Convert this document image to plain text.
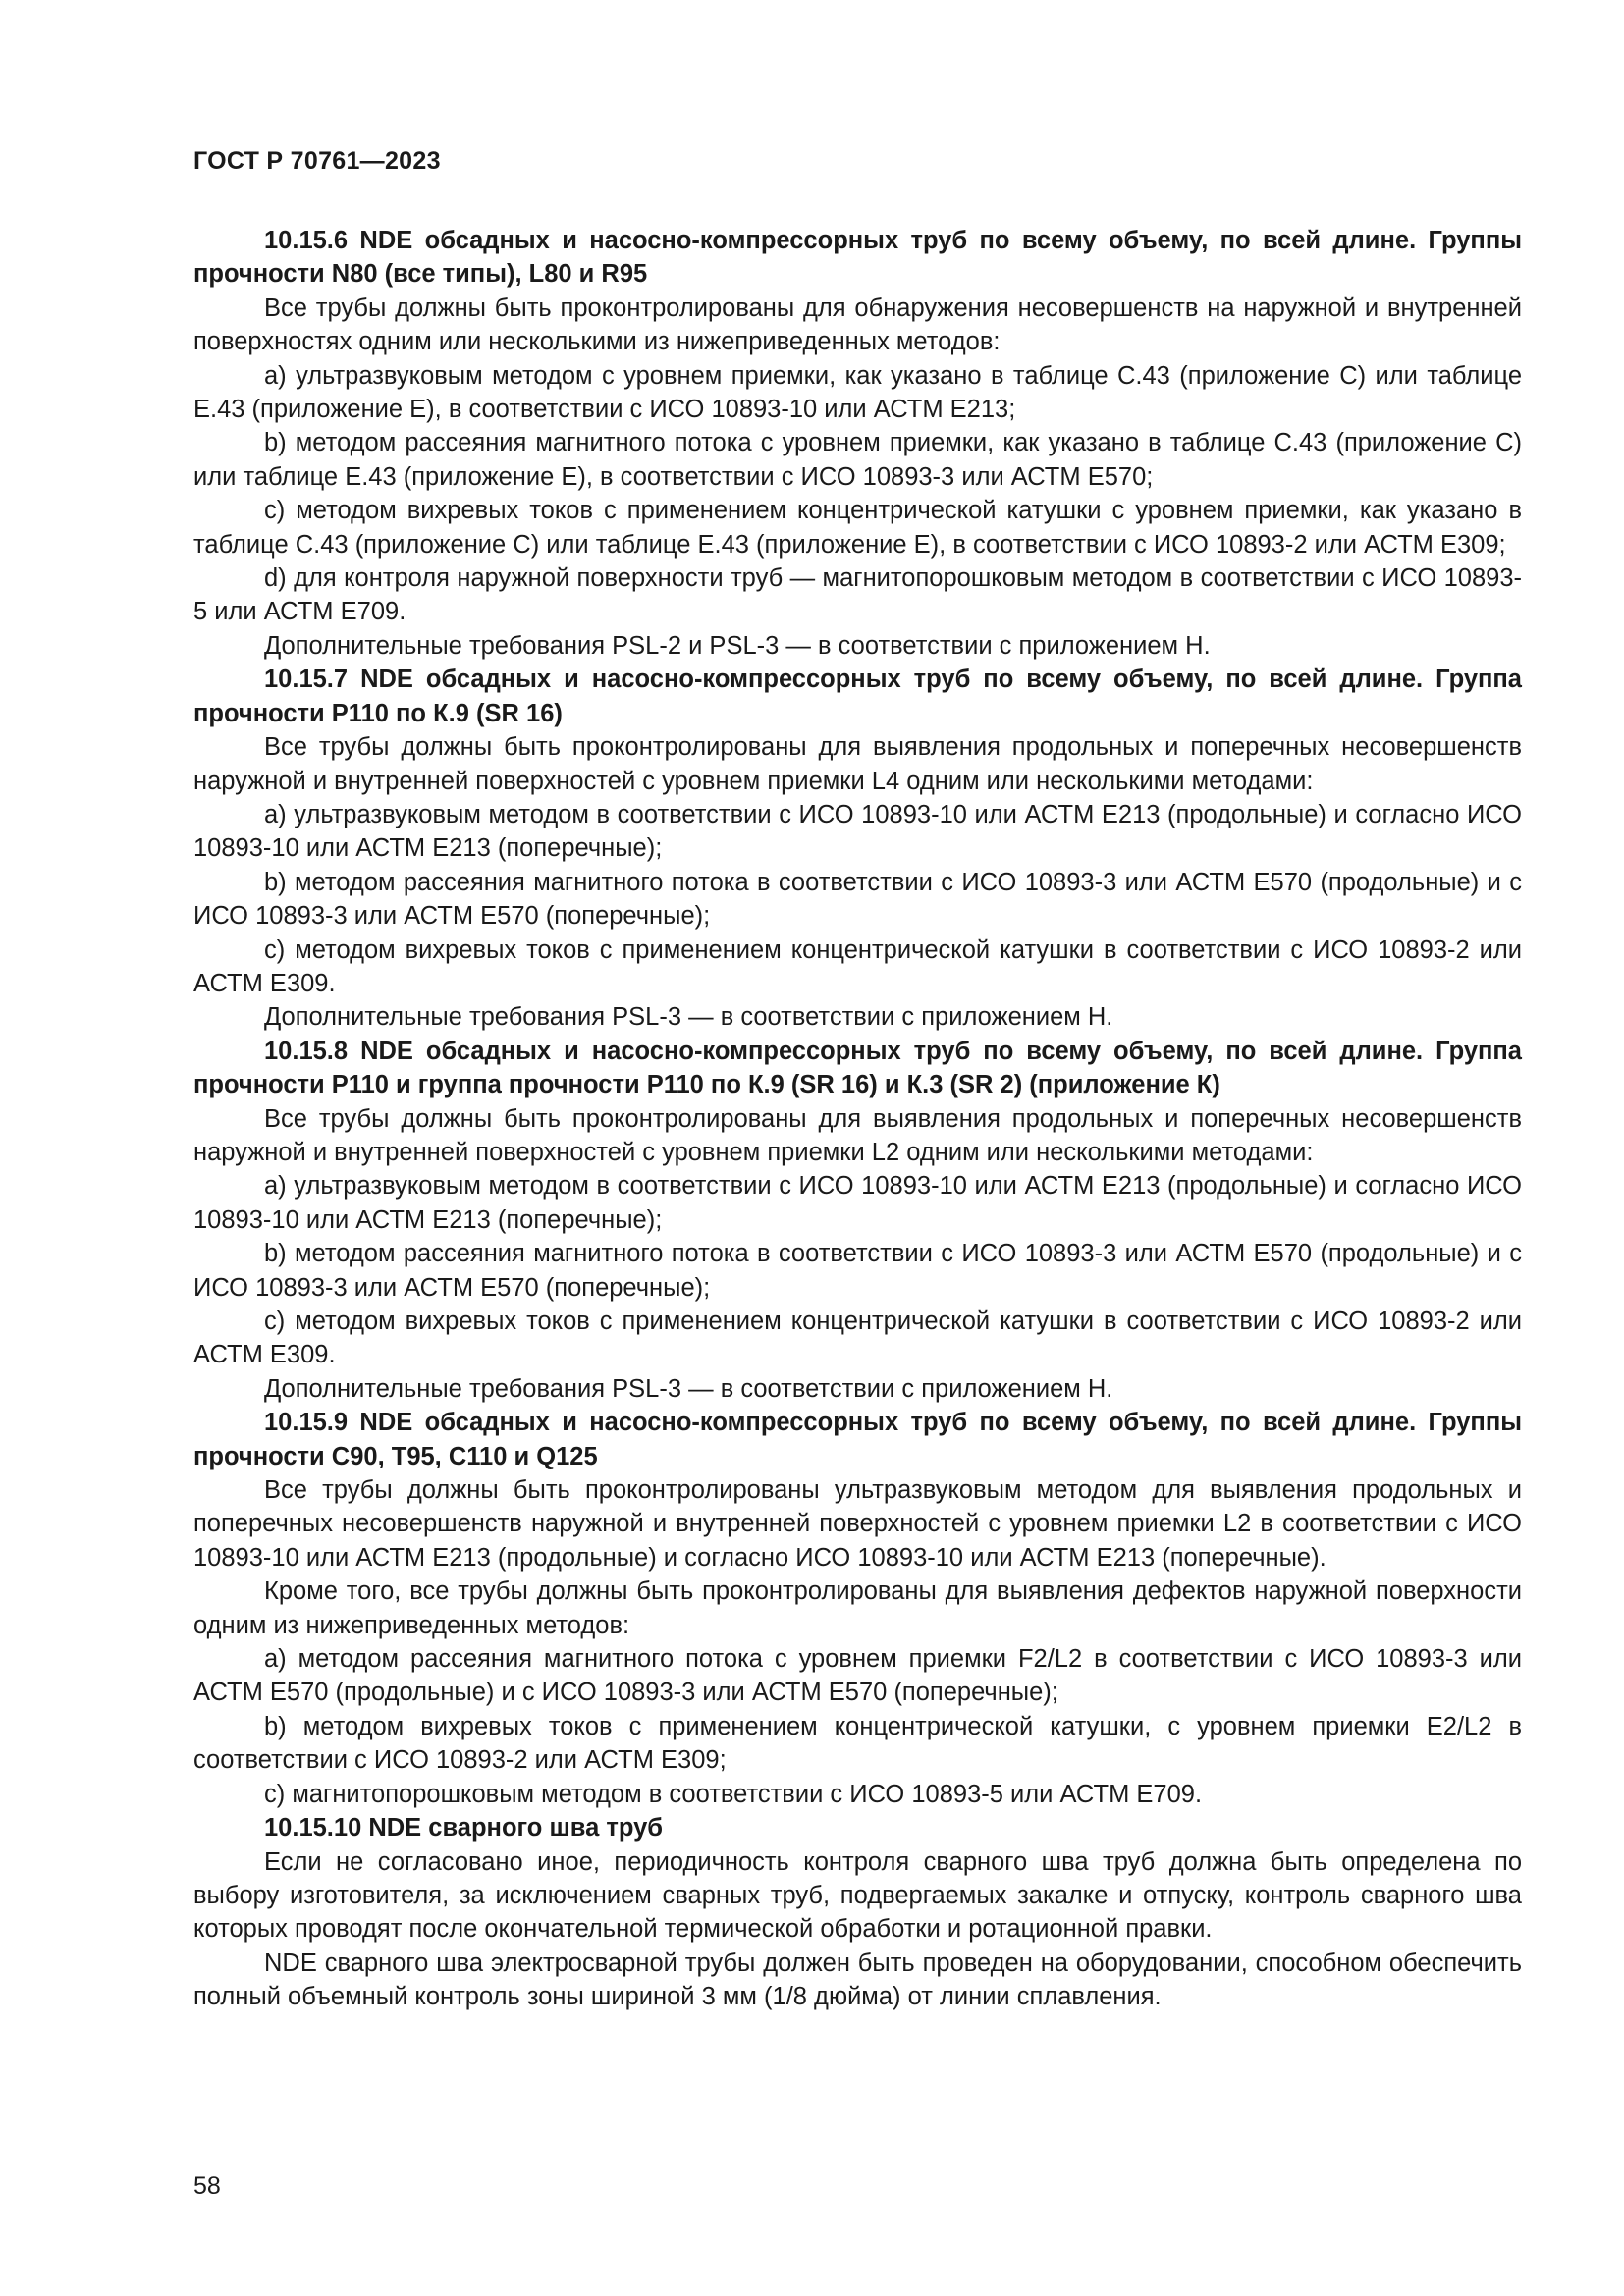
ГОСТ Р 70761—2023

10.15.6 NDE обсадных и насосно-компрессорных труб по всему объему, по всей длине. Группы прочности N80 (все типы), L80 и R95

Все трубы должны быть проконтролированы для обнаружения несовершенств на наружной и внутренней поверхностях одним или несколькими из нижеприведенных методов:

а) ультразвуковым методом с уровнем приемки, как указано в таблице С.43 (приложение С) или таблице Е.43 (приложение Е), в соответствии с ИСО 10893-10 или АСТМ Е213;

b) методом рассеяния магнитного потока с уровнем приемки, как указано в таблице С.43 (приложение С) или таблице Е.43 (приложение Е), в соответствии с ИСО 10893-3 или АСТМ Е570;

c) методом вихревых токов с применением концентрической катушки с уровнем приемки, как указано в таблице С.43 (приложение С) или таблице Е.43 (приложение Е), в соответствии с ИСО 10893-2 или АСТМ Е309;

d) для контроля наружной поверхности труб — магнитопорошковым методом в соответствии с ИСО 10893-5 или АСТМ Е709.

Дополнительные требования PSL-2 и PSL-3 — в соответствии с приложением Н.

10.15.7 NDE обсадных и насосно-компрессорных труб по всему объему, по всей длине. Группа прочности Р110 по К.9 (SR 16)

Все трубы должны быть проконтролированы для выявления продольных и поперечных несовершенств наружной и внутренней поверхностей с уровнем приемки L4 одним или несколькими методами:

а) ультразвуковым методом в соответствии с ИСО 10893-10 или АСТМ Е213 (продольные) и согласно ИСО 10893-10 или АСТМ Е213 (поперечные);

b) методом рассеяния магнитного потока в соответствии с ИСО 10893-3 или АСТМ Е570 (продольные) и с ИСО 10893-3 или АСТМ Е570 (поперечные);

c) методом вихревых токов с применением концентрической катушки в соответствии с ИСО 10893-2 или АСТМ Е309.

Дополнительные требования PSL-3 — в соответствии с приложением Н.

10.15.8 NDE обсадных и насосно-компрессорных труб по всему объему, по всей длине. Группа прочности Р110 и группа прочности Р110 по К.9 (SR 16) и К.3 (SR 2) (приложение К)

Все трубы должны быть проконтролированы для выявления продольных и поперечных несовершенств наружной и внутренней поверхностей с уровнем приемки L2 одним или несколькими методами:

а) ультразвуковым методом в соответствии с ИСО 10893-10 или АСТМ Е213 (продольные) и согласно ИСО 10893-10 или АСТМ Е213 (поперечные);

b) методом рассеяния магнитного потока в соответствии с ИСО 10893-3 или АСТМ Е570 (продольные) и с ИСО 10893-3 или АСТМ Е570 (поперечные);

c) методом вихревых токов с применением концентрической катушки в соответствии с ИСО 10893-2 или АСТМ Е309.

Дополнительные требования PSL-3 — в соответствии с приложением Н.

10.15.9 NDE обсадных и насосно-компрессорных труб по всему объему, по всей длине. Группы прочности С90, Т95, С110 и Q125

Все трубы должны быть проконтролированы ультразвуковым методом для выявления продольных и поперечных несовершенств наружной и внутренней поверхностей с уровнем приемки L2 в соответствии с ИСО 10893-10 или АСТМ Е213 (продольные) и согласно ИСО 10893-10 или АСТМ Е213 (поперечные).

Кроме того, все трубы должны быть проконтролированы для выявления дефектов наружной поверхности одним из нижеприведенных методов:

а) методом рассеяния магнитного потока с уровнем приемки F2/L2 в соответствии с ИСО 10893-3 или АСТМ Е570 (продольные) и с ИСО 10893-3 или АСТМ Е570 (поперечные);

b) методом вихревых токов с применением концентрической катушки, с уровнем приемки E2/L2 в соответствии с ИСО 10893-2 или АСТМ Е309;

c) магнитопорошковым методом в соответствии с ИСО 10893-5 или АСТМ Е709.

10.15.10 NDE сварного шва труб

Если не согласовано иное, периодичность контроля сварного шва труб должна быть определена по выбору изготовителя, за исключением сварных труб, подвергаемых закалке и отпуску, контроль сварного шва которых проводят после окончательной термической обработки и ротационной правки.

NDE сварного шва электросварной трубы должен быть проведен на оборудовании, способном обеспечить полный объемный контроль зоны шириной 3 мм (1/8 дюйма) от линии сплавления.

58
